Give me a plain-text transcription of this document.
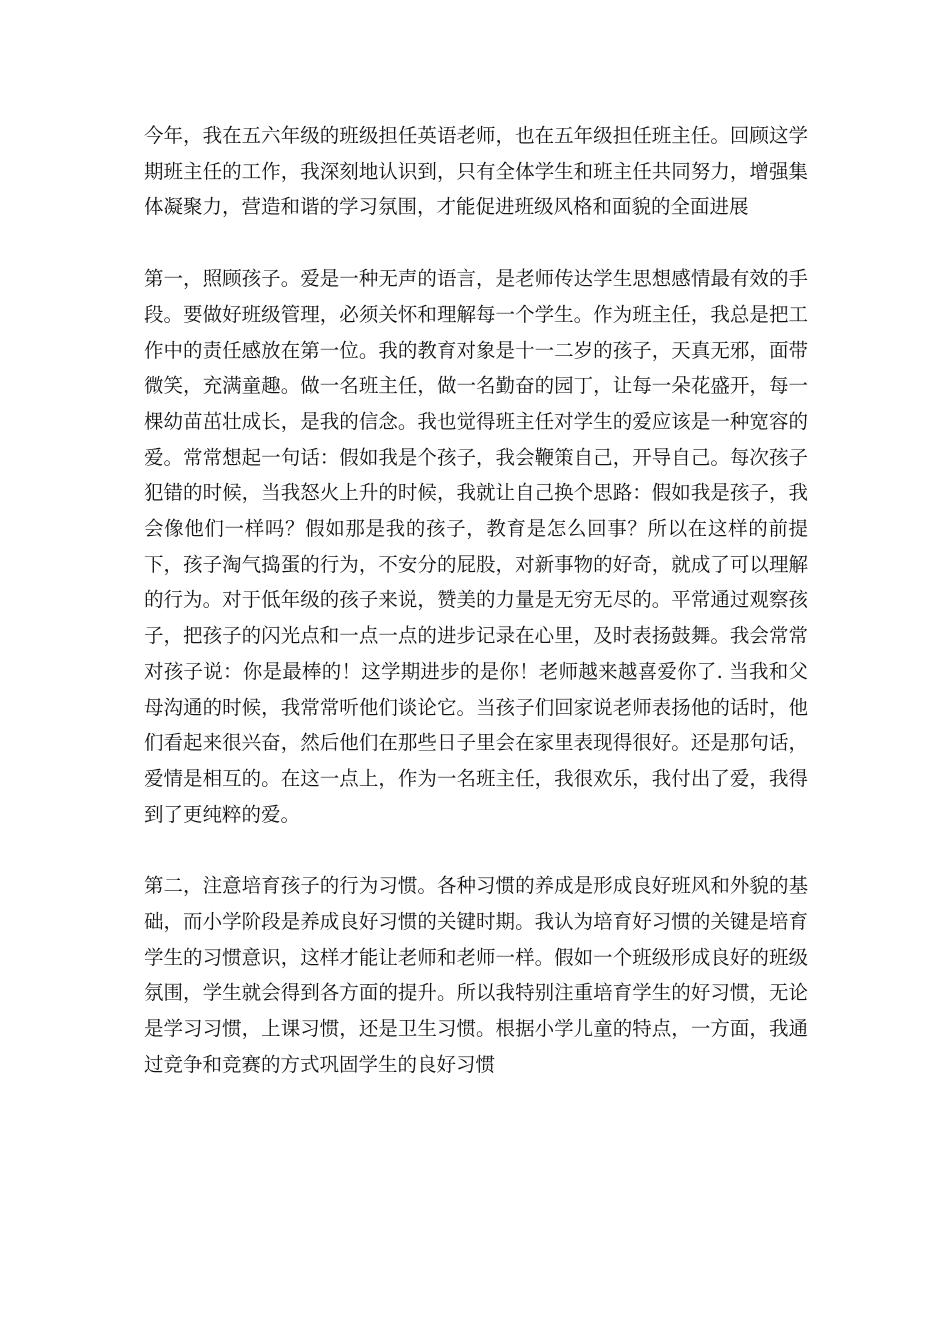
今年，我在五六年级的班级担任英语老师，也在五年级担任班主任。回顾这学期班主任的工作，我深刻地认识到，只有全体学生和班主任共同努力，增强集体凝聚力，营造和谐的学习氛围，才能促进班级风格和面貌的全面进展

第一，照顾孩子。爱是一种无声的语言，是老师传达学生思想感情最有效的手段。要做好班级管理，必须关怀和理解每一个学生。作为班主任，我总是把工作中的责任感放在第一位。我的教育对象是十一二岁的孩子，天真无邪，面带微笑，充满童趣。做一名班主任，做一名勤奋的园丁，让每一朵花盛开，每一棵幼苗茁壮成长，是我的信念。我也觉得班主任对学生的爱应该是一种宽容的爱。常常想起一句话：假如我是个孩子，我会鞭策自己，开导自己。每次孩子犯错的时候，当我怒火上升的时候，我就让自己换个思路：假如我是孩子，我会像他们一样吗？假如那是我的孩子，教育是怎么回事？所以在这样的前提下，孩子淘气捣蛋的行为，不安分的屁股，对新事物的好奇，就成了可以理解的行为。对于低年级的孩子来说，赞美的力量是无穷无尽的。平常通过观察孩子，把孩子的闪光点和一点一点的进步记录在心里，及时表扬鼓舞。我会常常对孩子说：你是最棒的！这学期进步的是你！老师越来越喜爱你了. 当我和父母沟通的时候，我常常听他们谈论它。当孩子们回家说老师表扬他的话时，他们看起来很兴奋，然后他们在那些日子里会在家里表现得很好。还是那句话，爱情是相互的。在这一点上，作为一名班主任，我很欢乐，我付出了爱，我得到了更纯粹的爱。

第二，注意培育孩子的行为习惯。各种习惯的养成是形成良好班风和外貌的基础，而小学阶段是养成良好习惯的关键时期。我认为培育好习惯的关键是培育学生的习惯意识，这样才能让老师和老师一样。假如一个班级形成良好的班级氛围，学生就会得到各方面的提升。所以我特别注重培育学生的好习惯，无论是学习习惯，上课习惯，还是卫生习惯。根据小学儿童的特点，一方面，我通过竞争和竞赛的方式巩固学生的良好习惯
